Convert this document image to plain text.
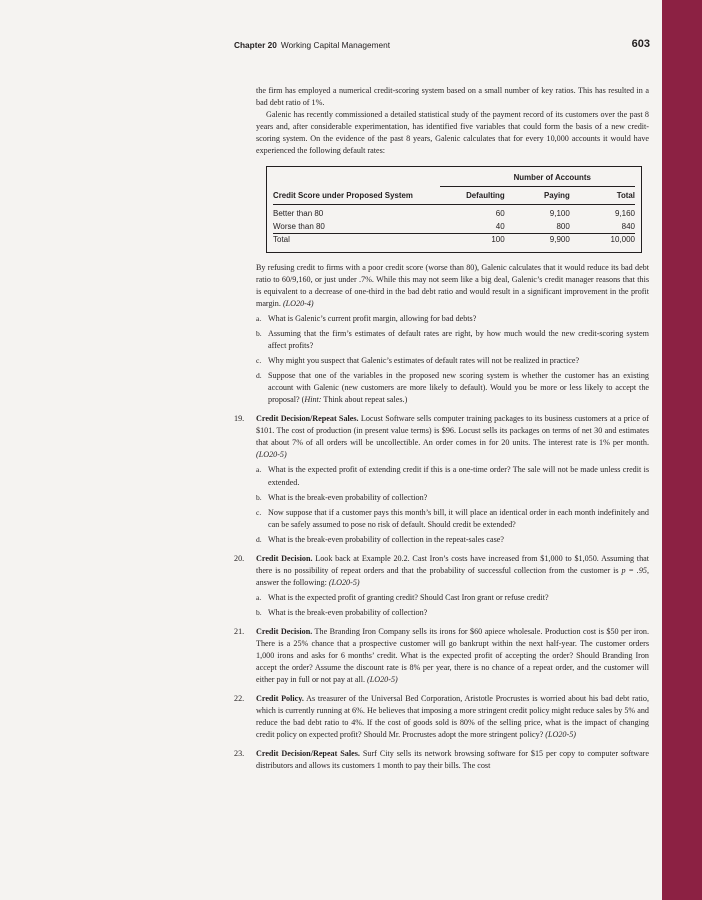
Chapter 20 Working Capital Management	603

the firm has employed a numerical credit-scoring system based on a small number of key ratios. This has resulted in a bad debt ratio of 1%.

Galenic has recently commissioned a detailed statistical study of the payment record of its customers over the past 8 years and, after considerable experimentation, has identified five variables that could form the basis of a new credit-scoring system. On the evidence of the past 8 years, Galenic calculates that for every 10,000 accounts it would have experienced the following default rates:

	Number of Accounts		
Credit Score under Proposed System	Defaulting	Paying	Total
Better than 80	60	9,100	9,160
Worse than 80	40	800	840
Total	100	9,900	10,000

By refusing credit to firms with a poor credit score (worse than 80), Galenic calculates that it would reduce its bad debt ratio to 60/9,160, or just under .7%. While this may not seem like a big deal, Galenic’s credit manager reasons that this is equivalent to a decrease of one-third in the bad debt ratio and would result in a significant improvement in the profit margin. (LO20-4)

a. What is Galenic’s current profit margin, allowing for bad debts?
b. Assuming that the firm’s estimates of default rates are right, by how much would the new credit-scoring system affect profits?
c. Why might you suspect that Galenic’s estimates of default rates will not be realized in practice?
d. Suppose that one of the variables in the proposed new scoring system is whether the customer has an existing account with Galenic (new customers are more likely to default). Would you be more or less likely to accept the proposal? (Hint: Think about repeat sales.)
19.	Credit Decision/Repeat Sales. Locust Software sells computer training packages to its business customers at a price of $101. The cost of production (in present value terms) is $96. Locust sells its packages on terms of net 30 and estimates that about 7% of all orders will be uncollectible. An order comes in for 20 units. The interest rate is 1% per month. (LO20-5)

a. What is the expected profit of extending credit if this is a one-time order? The sale will not be made unless credit is extended.
b. What is the break-even probability of collection?
c. Now suppose that if a customer pays this month’s bill, it will place an identical order in each month indefinitely and can be safely assumed to pose no risk of default. Should credit be extended?
d. What is the break-even probability of collection in the repeat-sales case?
20.	Credit Decision. Look back at Example 20.2. Cast Iron’s costs have increased from $1,000 to $1,050. Assuming that there is no possibility of repeat orders and that the probability of successful collection from the customer is p = .95, answer the following: (LO20-5)

a. What is the expected profit of granting credit? Should Cast Iron grant or refuse credit?
b. What is the break-even probability of collection?
21.	Credit Decision. The Branding Iron Company sells its irons for $60 apiece wholesale. Production cost is $50 per iron. There is a 25% chance that a prospective customer will go bankrupt within the next half-year. The customer orders 1,000 irons and asks for 6 months’ credit. What is the expected profit of accepting the order? Should Branding Iron accept the order? Assume the discount rate is 8% per year, there is no chance of a repeat order, and the customer will either pay in full or not pay at all. (LO20-5)

22.	Credit Policy. As treasurer of the Universal Bed Corporation, Aristotle Procrustes is worried about his bad debt ratio, which is currently running at 6%. He believes that imposing a more stringent credit policy might reduce sales by 5% and reduce the bad debt ratio to 4%. If the cost of goods sold is 80% of the selling price, what is the impact of changing credit policy on expected profit? Should Mr. Procrustes adopt the more stringent policy? (LO20-5)

23.	Credit Decision/Repeat Sales. Surf City sells its network browsing software for $15 per copy to computer software distributors and allows its customers 1 month to pay their bills. The cost
